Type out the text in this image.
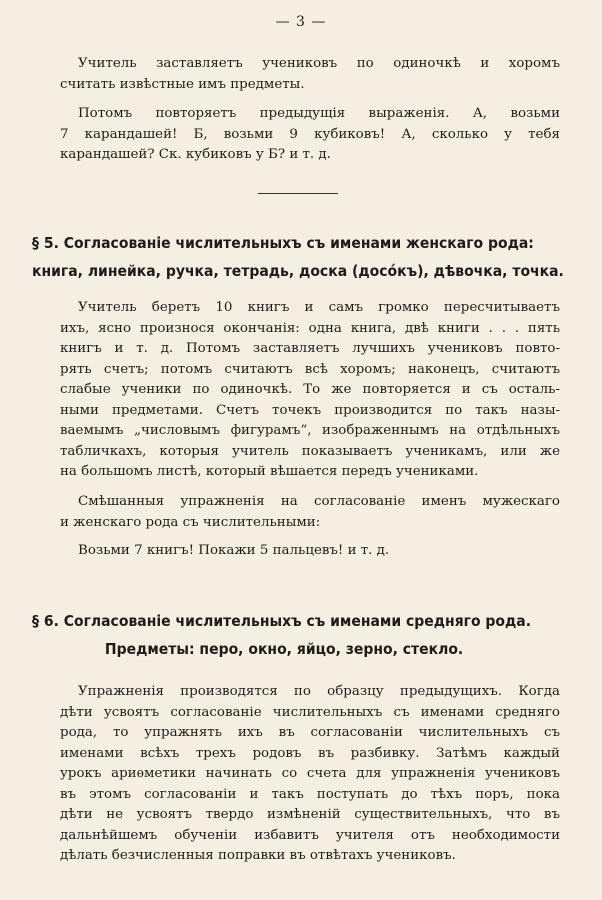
— 3 —
Учитель заставляетъ учениковъ по одиночкѣ и хоромъ
считать извѣстные имъ предметы.
Потомъ повторяетъ предыдущія выраженія. А, возьми
7 карандашей! Б, возьми 9 кубиковъ! А, сколько у тебя
карандашей? Ск. кубиковъ у Б? и т. д.
§ 5. Согласованіе числительныхъ съ именами женскаго рода:
книга, линейка, ручка, тетрадь, доска (досо́къ), дѣвочка, точка.
Учитель беретъ 10 книгъ и самъ громко пересчитываетъ
ихъ, ясно произнося окончанія: одна книга, двѣ книги . . . пять
книгъ и т. д. Потомъ заставляетъ лучшихъ учениковъ повто-
рять счетъ; потомъ считаютъ всѣ хоромъ; наконецъ, считаютъ
слабые ученики по одиночкѣ. То же повторяется и съ осталь-
ными предметами. Счетъ точекъ производится по такъ назы-
ваемымъ „числовымъ фигурамъ“, изображеннымъ на отдѣльныхъ
табличкахъ, которыя учитель показываетъ ученикамъ, или же
на большомъ листѣ, который вѣшается передъ учениками.
Смѣшанныя упражненія на согласованіе именъ мужескаго
и женскаго рода съ числительными:
Возьми 7 книгъ! Покажи 5 пальцевъ! и т. д.
§ 6. Согласованіе числительныхъ съ именами средняго рода.
Предметы: перо, окно, яйцо, зерно, стекло.
Упражненія производятся по образцу предыдущихъ. Когда
дѣти усвоятъ согласованіе числительныхъ съ именами средняго
рода, то упражнять ихъ въ согласованіи числительныхъ съ
именами всѣхъ трехъ родовъ въ разбивку. Затѣмъ каждый
урокъ ариѳметики начинать со счета для упражненія учениковъ
въ этомъ согласованіи и такъ поступать до тѣхъ поръ, пока
дѣти не усвоятъ твердо измѣненій существительныхъ, что въ
дальнѣйшемъ обученіи избавитъ учителя отъ необходимости
дѣлать безчисленныя поправки въ отвѣтахъ учениковъ.
